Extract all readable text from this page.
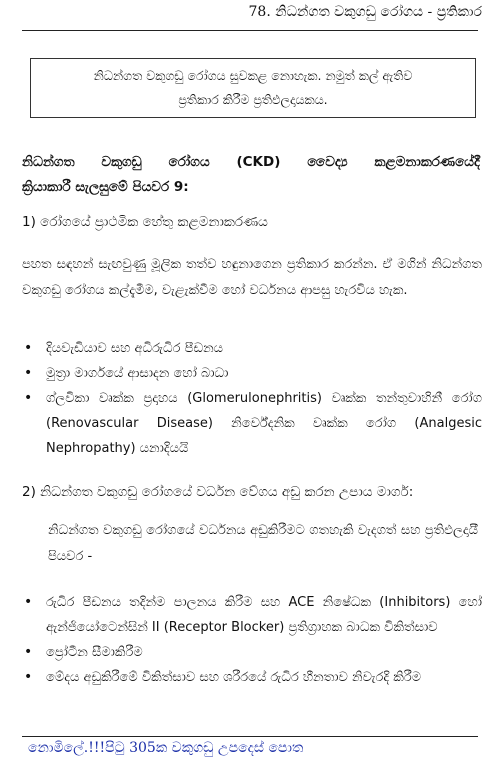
78. නිධන්ගත වකුගඩු රෝගය - ප්‍රතිකාර
නිධන්ගත වකුගඩු රෝගය සුවකළ නොහැක. නමුත් කල් ඇතිව
ප්‍රතිකාර කිරීම ප්‍රතිඵලදායකය.
නිධන්ගත වකුගඩු රෝගය (CKD) වෛද්‍ය කළමනාකරණයේදී
ක්‍රියාකාරී සැලසුමේ පියවර 9:
1) රෝගයේ ප්‍රාථමික හේතු කළමනාකරණය
පහත සඳහන් සැඟවුණු මූලික තත්ව හඳුනාගෙන ප්‍රතිකාර කරන්න. ඒ මගින් නිධන්ගත වකුගඩු රෝගය කල්දැමීම, වැළැක්වීම හෝ වර්ධනය ආපසු හැරවිය හැක.
• දියවැඩියාව සහ අධිරුධිර පීඩනය
• මුත්‍රා මාර්ගයේ ආසාදන හෝ බාධා
• ග්ලවිකා වෘක්ක ප්‍රදාහය (Glomerulonephritis) වෘක්ක තන්තුවාහිනී රෝග (Renovascular Disease) නිර්වේදනික වෘක්ක රෝග (Analgesic Nephropathy) යනාදියයි
2) නිධන්ගත වකුගඩු රෝගයේ වර්ධන වේගය අඩු කරන උපාය මාර්ග:
නිධන්ගත වකුගඩු රෝගයේ වර්ධනය අඩුකිරීමට ගතහැකි වැදගත් සහ ප්‍රතිඵලදායී පියවර -
• රුධිර පීඩනය තදින්ම පාලනය කිරීම සහ ACE නිෂේධක (Inhibitors) හෝ ඇන්ජියෝටෙන්සින් II (Receptor Blocker) ප්‍රතිග්‍රාහක බාධක විකිත්සාව
• ප්‍රෝටීන සීමාකිරීම
• මේදය අඩුකිරීමේ විකිත්සාව සහ ශරීරයේ රුධිර හීනතාව නිවැරදි කිරීම
නොමිලේ.!!!පිටු 305ක වකුගඩු උපදෙස් පොත
